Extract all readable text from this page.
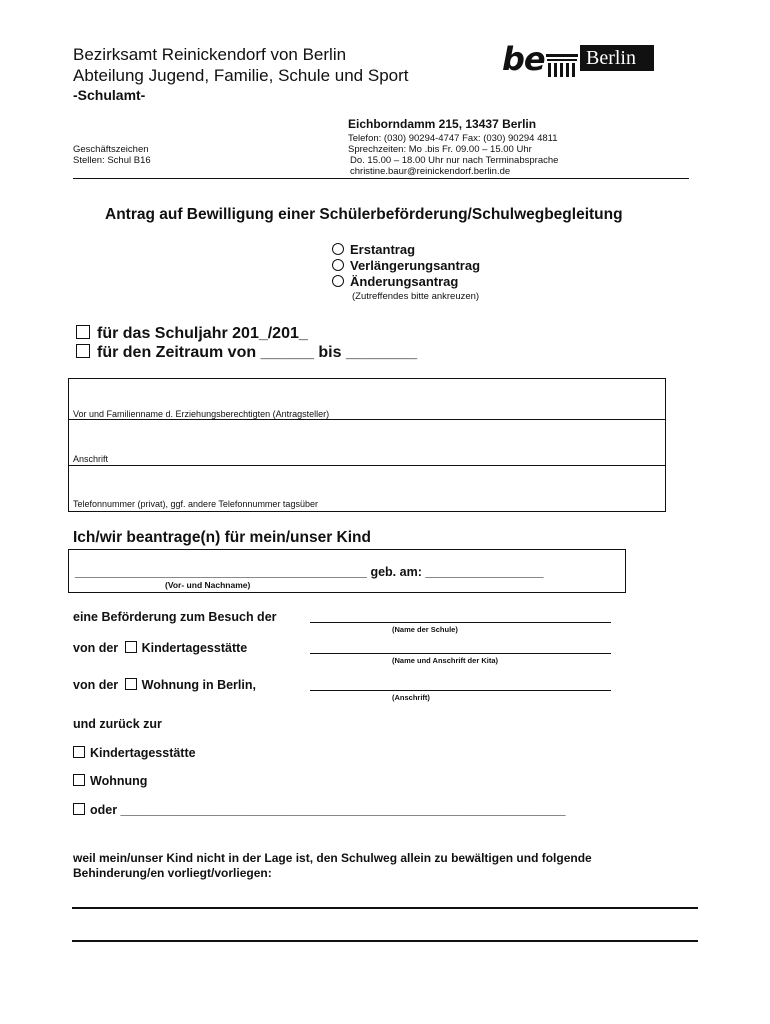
Bezirksamt Reinickendorf von Berlin
Abteilung Jugend, Familie, Schule und Sport
-Schulamt-
be Berlin
Eichborndamm 215, 13437 Berlin
Telefon: (030) 90294-4747 Fax: (030) 90294 4811
Sprechzeiten: Mo .bis Fr. 09.00 – 15.00 Uhr
Do. 15.00 – 18.00 Uhr nur nach Terminabsprache
christine.baur@reinickendorf.berlin.de
Geschäftszeichen
Stellen: Schul B16
Antrag auf Bewilligung einer Schülerbeförderung/Schulwegbegleitung
Erstantrag
Verlängerungsantrag
Änderungsantrag
(Zutreffendes bitte ankreuzen)
für das Schuljahr 201_/201_
für den Zeitraum von ______ bis ________
Vor und Familienname d. Erziehungsberechtigten (Antragsteller)
Anschrift
Telefonnummer (privat), ggf. andere Telefonnummer tagsüber
Ich/wir beantrage(n) für mein/unser Kind
__________________________________________ geb. am: _________________
(Vor- und Nachname)
eine Beförderung zum Besuch der
(Name der Schule)
von der Kindertagesstätte
(Name und Anschrift der Kita)
von der Wohnung in Berlin,
(Anschrift)
und zurück zur
Kindertagesstätte
Wohnung
oder ________________________________________________________________
weil mein/unser Kind nicht in der Lage ist, den Schulweg allein zu bewältigen und folgende
Behinderung/en vorliegt/vorliegen:
